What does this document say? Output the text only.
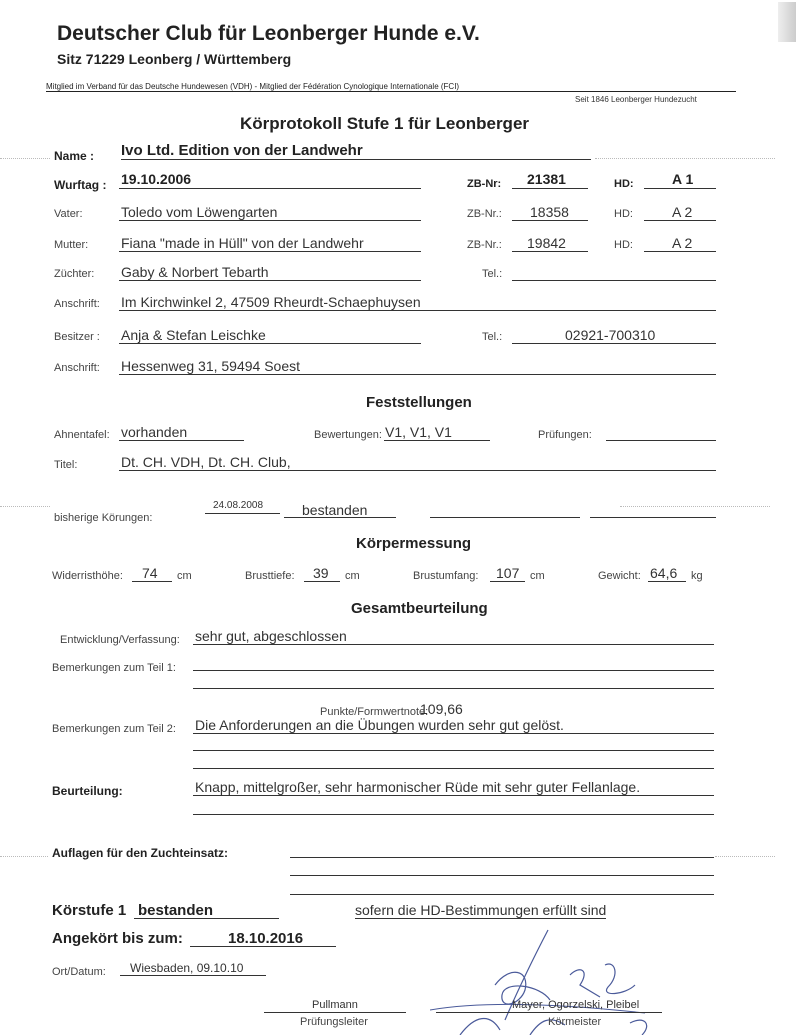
Deutscher Club für Leonberger Hunde e.V.
Sitz 71229 Leonberg / Württemberg
Mitglied im Verband für das Deutsche Hundewesen (VDH) - Mitglied der Fédération Cynologique Internationale (FCI)
Seit 1846 Leonberger Hundezucht
Körprotokoll Stufe 1 für Leonberger
Name : Ivo Ltd. Edition von der Landwehr
Wurftag : 19.10.2006	ZB-Nr: 21381	HD:	A 1
Vater:	Toledo vom Löwengarten	ZB-Nr.: 18358	HD:	A 2
Mutter: Fiana "made in Hüll" von der Landwehr	ZB-Nr.: 19842	HD:	A 2
Züchter: Gaby & Norbert Tebarth	Tel.:
Anschrift: Im Kirchwinkel 2, 47509 Rheurdt-Schaephuysen
Besitzer : Anja & Stefan Leischke	Tel.:	02921-700310
Anschrift: Hessenweg 31, 59494 Soest
Feststellungen
Ahnentafel: vorhanden	Bewertungen: V1, V1, V1	Prüfungen:
Titel:	Dt. CH. VDH, Dt. CH. Club,
bisherige Körungen:
24.08.2008	bestanden
Körpermessung
Widerristhöhe: 74 cm	Brusttiefe: 39 cm	Brustumfang: 107 cm	Gewicht: 64,6 kg
Gesamtbeurteilung
Entwicklung/Verfassung: sehr gut, abgeschlossen
Bemerkungen zum Teil 1:
Punkte/Formwertnote:
109,66
Bemerkungen zum Teil 2: Die Anforderungen an die Übungen wurden sehr gut gelöst.
Beurteilung:	Knapp, mittelgroßer, sehr harmonischer Rüde mit sehr guter Fellanlage.
Auflagen für den Zuchteinsatz:
Körstufe 1 bestanden	sofern die HD-Bestimmungen erfüllt sind
Angekört bis zum:	18.10.2016
Ort/Datum: Wiesbaden, 09.10.10
Pullmann
Prüfungsleiter
Mayer, Ogorzelski, Pleibel
Körmeister
